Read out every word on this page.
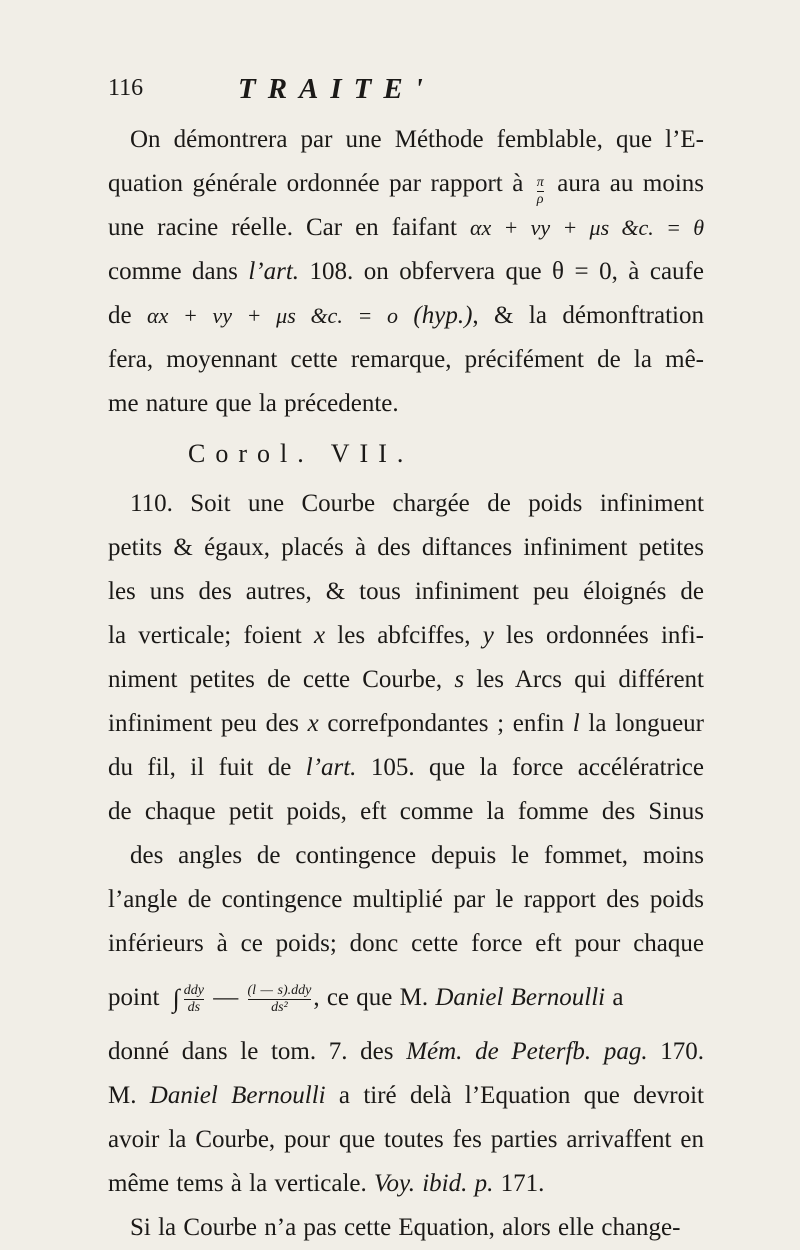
116	TRAITE'
On démontrera par une Méthode femblable, que l’E-
quation générale ordonnée par rapport à $\frac{\pi}{\rho}$ aura au moins
une racine réelle. Car en faifant αx + vy + μs &c. = θ
comme dans l’art. 108. on obfervera que θ = 0, à caufe
de αx + vy + μs &c. = o (hyp.), & la démonftration
fera, moyennant cette remarque, précifément de la mê-
me nature que la précedente.
Corol. VII.
110. Soit une Courbe chargée de poids infiniment
petits & égaux, placés à des diftances infiniment petites
les uns des autres, & tous infiniment peu éloignés de
la verticale; foient x les abfciffes, y les ordonnées infi-
niment petites de cette Courbe, s les Arcs qui différent
infiniment peu des x correfpondantes ; enfin l la longueur
du fil, il fuit de l’art. 105. que la force accélératrice
de chaque petit poids, eft comme la fomme des Sinus
des angles de contingence depuis le fommet, moins
l’angle de contingence multiplié par le rapport des poids
inférieurs à ce poids; donc cette force eft pour chaque
point ∫ $\frac{\text{ddy}}{ds}$ — $\frac{\text{(l — s).ddy}}{\text{ds²}}$ , ce que M. Daniel Bernoulli a
donné dans le tom. 7. des Mém. de Peterfb. pag. 170.
M. Daniel Bernoulli a tiré delà l’Equation que devroit
avoir la Courbe, pour que toutes fes parties arrivaffent en
même tems à la verticale. Voy. ibid. p. 171.
Si la Courbe n’a pas cette Equation, alors elle change-
